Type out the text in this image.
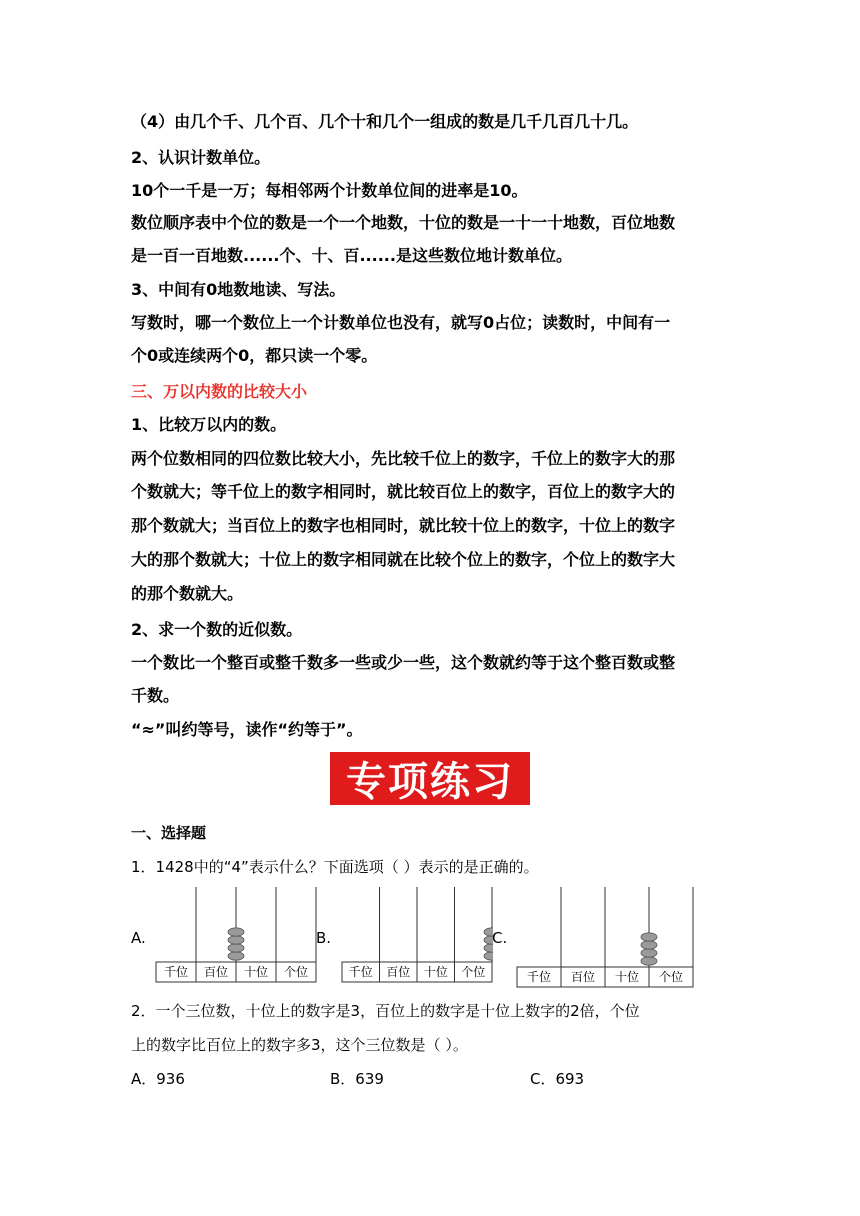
（4）由几个千、几个百、几个十和几个一组成的数是几千几百几十几。
2、认识计数单位。
10个一千是一万；每相邻两个计数单位间的进率是10。
数位顺序表中个位的数是一个一个地数，十位的数是一十一十地数，百位地数
是一百一百地数......个、十、百......是这些数位地计数单位。
3、中间有0地数地读、写法。
写数时，哪一个数位上一个计数单位也没有，就写0占位；读数时，中间有一
个0或连续两个0，都只读一个零。
三、万以内数的比较大小
1、比较万以内的数。
两个位数相同的四位数比较大小，先比较千位上的数字，千位上的数字大的那
个数就大；等千位上的数字相同时，就比较百位上的数字，百位上的数字大的
那个数就大；当百位上的数字也相同时，就比较十位上的数字，十位上的数字
大的那个数就大；十位上的数字相同就在比较个位上的数字，个位上的数字大
的那个数就大。
2、求一个数的近似数。
一个数比一个整百或整千数多一些或少一些，这个数就约等于这个整百数或整
千数。
“≈”叫约等号，读作“约等于”。
专项练习
一、选择题
1．1428中的“4”表示什么？下面选项（ ）表示的是正确的。
A.	B.	C.
千位 百位 十位 个位	千位 百位 十位 个位	千位 百位 十位 个位
2．一个三位数，十位上的数字是3，百位上的数字是十位上数字的2倍，个位
上的数字比百位上的数字多3，这个三位数是（ ）。
A．936	B．639	C．693
